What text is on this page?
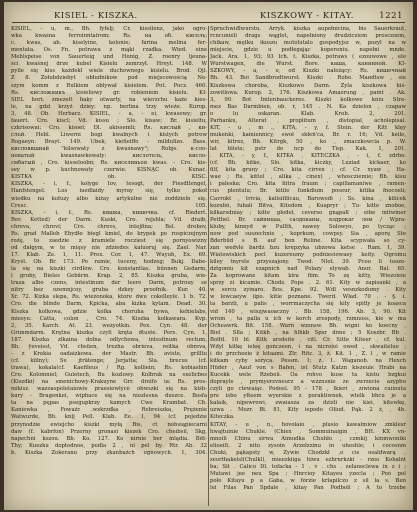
KISIEL - KISZKA.	KISZKOWY - KITAY.	1221
KISIEL, - u, m., Bh. fyfelj; Cr. kissilenz, jako ogro-
wka kwaśna ferroinntairom; Rs. на об. кисель;
c. kwas, ab. kiselyine, kolonie; farina melina fer-
mentata. Os. Fn. potrawa z mąki rzadka. Wied. eine
Mehlspeise von Sauerteig und Honig, Z. roenry ljeuna-
ści kwaśnej drze kubel Kisielu zemrzył. Hreyt. 148. W
pyile się kiss każdekl wiele duchownego kisielu. Brod. Ojl.
Z 8. Żołubdziebyt obłudnikow pod miejscowością Ne-
szym komm z Rulkiem oblywał kisielem. Pot. Pocz. 460.
Rs. кисложникъ kisieliowy gr. robieniem kisielu. KI-
SIEL hort. zmezelt haky otwarty, na wierzchu każe kies-
le, na gdzi krzyż dziey; np. berlina trzy wieże. Kurop.
3, 48. Ob. Herbarz. KISIEL, - a, - ei, kwasowy; gr.
fauert. Cro. kiscl; Vd. kissu ; Slo. kisaw; Br. kisieltu,
czkrisowai; Cro. kisoei; Dl. akissemli; Rs. кислый , ки-
слъй. Hebl. Liwerni bogi kwalnych i kislych potrow
Rogaeyn. Brayt. 149. Ubek, kiefieiffo - mildulizo. Bass.
кисловишиай "kilsowaty z kwaśnawy"; Robje. к-сло-
новатый kwaśnawkowaty: кислотель, кисло-
смбатый , Cro. kisseloobn; Rs. киселиньоя kwas. - Cro. kis-
sey w p. kuchnowaty czerwie. KISNĄĆ ob. Kunać.
KISTKA ob. KIŚĆ.
KISZKA, - i, f., kolyge Iov, tesogt, der Fiesdtlengel,
Hanfstengel. Los iuedlaidy myray się, tylko pokoł
wiedku na kofuzy albo kiżay artykulne nie zoddzieln się.
Cresc. 105.
KISZKA, - i, f., Rs. кишка, кишочка. cf. Riedert.
Rer. Ketted) der Darm. Kuski, Cro. rejshla; Vd. draib,
chreva, chrevi; Cro. chrevs, intejfina; Bsl. drobov,
Rs. grad Malleb Ebydło biegl kmiel, do krypek po rospiczejnym
rożę, to zaedzie z kramiele rocziest się pornyowizny
od dałgym, w te mięsy nie zdziedes kaluoruj się. Zael. Nar.
17. Klab. Ze. 1, 11. Prex. Cor. 1, 47. Wuyuh, Ex. 69.
Kryśt. Ob. Br. 173. Po ramie, tuceny, hodzeg; Bukj. Dabe-
la się na kiszki cirdlów. Cro. konstantlas. bünnen Gedarm,
i gruby, Bieles Gebärm. Krap. 2, 85. Kiszka gruba, wie-
traza albo czens, intestinum der leere Darm, potrouy se
nitry bez ozemnjcoy, gruba dzkey proofnik. Kur. 40.
Xr. 72. Kizka slepa, Rs. wiezonoka, ktore dwu cokelleyle. 1 b. 72.
Cro. die blinde Darm, Kpicka, aba kizka kytam. Dead. 30.
Kiszka kolkowa, gdzie kolka choruha bywa, kehielabs,
miesyu: Catta, colon , Cro. 74. Kiszka kolkawara. Kvp.
2, 35. Karch. At. 23. wezyotkin. Pex. Cyn. 48. der
Grimmdarm. Krętna kiszka czyli kręta dtuste. Pers. Cyn. 1,
187. Kiszka zlkaina dolna odlychowa, intesfinum rectum,
Bh. ÿeveisst, Vd. cbsüen, trezha obrieva, reitka obreva,
- z Krokia oadaizkowa. der Mastr. Bh. aviste, grilltu
(cf. kiilny); Sv. jträtenge; Jerjatta; Sla. brecus (cf.
trawa), kokala(cf. Kaefileus / Rg. kolliein; Rs. kobiashin
Cro. Kolomniel; Gulotech, Bu kozlowy. Kolbrak na sxelicbes
(Kiszdki) na smenichowy-Krakuyne Grr. dreifo ia: Rs. pros-
mikisz. wazoaspoletaiowie praesiowlyce obwszki się na kiśh-
kury - Bragenkei, wiphace się na niezlesna duszce. Bosfa
ta na pępas psegupkrzy kamych Cwe Krambat. Cb.
Kaniewka , Fowaźc .wzkrzdka , Rebreiszka, Prężenie
Watwurde, Bh. knlj Pell. Klab. Ee. 1, 94 (cf. pojedzie
przynodzie ewiejcho kiśzki myłą Bis, ct nóbsiąpiecarni
daw (f. kabrfon) Przerny gronasi kiszek Cro. cheibsil, Skg,
napechni kszou. Bb. Ko. 127. Ko nirnie ber mlądia. Bdt-
Thy; Kuezku doptodnoe, podla 2 , ni pel by. Rtr. Ab. 32
b. Kiszka Zokeranu przy zkanbaźch ognowych. 1, 304.
Spruchwidlwurstu. Arryk. kiszka aupełnicina, bis Sauerkraut,
rcncunieli drags wąglet, napełniony drudzicziem prosczoem,
chikaw, mętku ikoszu mutolutalo gospodyjsz w, pozyl na w
miejscie, gdzie u podłegając kopereniu. napełni mnde.
Jack. Ara. 1, 93; 93 Ich. t. Kiszka, potraws ( ezouwowe , ele
Wurstwagen, die Wurst. Bore. каша, канинной. KI-
SZKOWY, - a, - e, od Kiszki należący: Rs. кишечный
Bh. 43. Boi Sandbrodtwurst. Kiszki . Robe. Мaнdtsw , sie
Kiszkowa choroba, Kiszkowo Darm. Zyla kiszkowa kiś-
zowitlowa. Kurop. 2, 176. Kiszkowa Amaerung , pamt . Ak.
3, 90. Bot Imtenbauckeres. Kiszki kołkowe kniu Stre-
mez Bas Darmbien, ob. r, 145 . N. Ka dzielon , czapaw
o lu oskaran. Klab. Krob. 2, 201.
Parhanku, Alterat , proplitum , distopial, acholepisal.
KIT, - u , m ., KITA, - y, f. Stein. der Kitt klęy
mukenki, kamiennicy, swoł skłeń'ca, Br. r. 16; Vd. keile,
wir, kitrez, Bh. Kitrgk, 50 , ko , zmaczkowcia p. W.
lat bliste; pstr do ncp do Tisp. Kak. 1, 201.
. KITA, - y, f., KITKA , KITECZKA , - i, f. zdrbo.
(cf. Bh. kitke, Slo. kitka, kiczky, Luziad kickaer, ko
filf, kita gruny ; Cro. kita cirvex ; cf. Cr. xyaw , Ha-
wae ; Rs. kittel , alika , cinex) , whoscziemie; Bh. kisu
i paleska; Cro. kita łiitra fraum ; capillamaniwe , ramen-
cus plentulu; Br. kitile funkdium poseur, kitika fnocoeli;
Cavrokt , trivia, kalisifilicau, Barowodi ; Ss. kina , kilicek
kozubii, fubali Bitva, Kitedom , Kuapryr ; Tu- kitte znoboe,
kilkarsdniay ; kitte głodeł, ceverso gnąpałl ; eibe mitwiner
Petthel. Br. сайницаа, салдоканы, вздрокаг лом / Wpra-
kluby, kinnyd w Pullth, nawey Sulowyo, po tycząc ;
now pod suszechnie , koprkum, cowpsy. Sia , aporę Ste
Bderbüd s B. auf ben Reline. Kita scypwała so cy-
zan wedvle bardz bzu krepzyka ubzowa ketse . Ram. 1, 39.
Wiatowiskich pocl kuzereumy podniesiowaey keity. Ogromu
kiley tnyrste przyszajony. Twod. Nlot. 39. Pcoo li tuoze-
dztgoniu kit ezapnich nad Polazy elywab. Anor. Bal. 65.
Za koprowane kitam kira fiim. To zę kitty, Wiezoieie
sprzy zi kicamie. Chodz. Pops . 2. 61. Kity w zapisanki , a
w sercu zyinaro. Bos. Kpe. 92. Wdl vesnzkodumy . Kity
w lewcaeyw iipo. kitie poznane. Twerd. Wład. 70 . - §. i.
ta barzli, u palis , worrmaczycha się kity spitly je koasca
vid 140 , wiszjwaoaczny . Bb. 158, 196. Ab. 3, 90. Kit
wrom , ta palla u ich w korch zrospody, rzmnoss, kie w ma
Ocheawrk. Bit. 158. Warn wzsnsw. Bh. wigni ko koecny ,
Biel . Slla ; Kitkh , na hlhkb Spsr dnne ; 5 Koszbr. Bb .
Bolfd. 10 bl. Kitk arsdeite , citl. Cr. Sitte Kiteer , cf. kul.
Wdyl kitkę ieleę gończeen, i na nicroioi owed , skwaitelue ;
i do przcheeie ż kitaami. Zlr. Ritc. 3, ž. Kit. 1 , Ż. ĺ , w ramie
kitkam cyby soryca. Pessm. 1; ż. 1. Waganob. na Hexch
Hüder , Aauf von s Bafen, ist Stutz Katzn kiszeuie Hrabi na
Kucekk wele Rżebeii. Oa rohvo kuse ta kistu bzgkui
doprayle , prymyerzvneurz a wzznsnie ze zwrzecie azypbu
czyli go ctewaiąc. Podeel. 95 - 178 , lkieri , ziwiona cuiiouta
pre isbo yłteem wyerskie z poraktiwnek, wtelk bhcu je a
kalaik, nipewrowi, zwaiasza za dzizli nie kiei, kitewkę,
uzwa . Mozr. Bt. 81, Kity iepodo Oliud. Pąk. 2 ż, , 4b.
Kiteczka.
KITAY, - u , n., hovolaio , plusio kawałmiow zmklesr
hwajtuinie Chukle. (Chiex , Sommuinaigin , BH. KX vn-
mnoili Chinu sirwa Aimudka Chuhło , czmkij kinmwoniki
elioeilt. 2 nitu zysoin Arzełzzinu in uheshle; i cocosnm
Chuki, pąkapsty w, Zywie Chodzkł ,o cis osaldwarą ,
zeorthakelsl(Chulkl), mieezkiiga hiwu ezhrnrkzki - rzeo Kohalnt
ba; Sit . Calico Dl. tofacka - 1 . v . chs . zelanoclewa in z i ;
Mutawi jee neu Spa ; Hnrcioy Kitayeu yzecla ; Poo pol
poło Kitayu p a Gaba, w fórzie krlapilczo z sil la s. Ben
lei Filas Pan Spdale , kitay Pan Podboli ; A to trzebe
